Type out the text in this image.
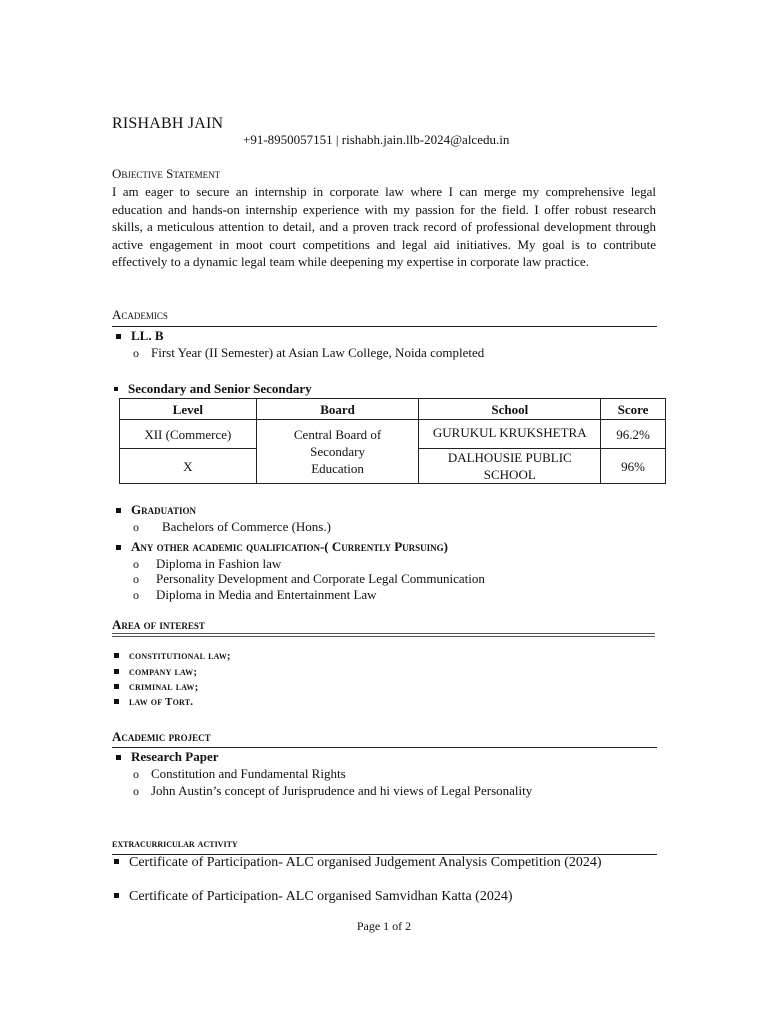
RISHABH JAIN
+91-8950057151 | rishabh.jain.llb-2024@alcedu.in
Objective Statement
I am eager to secure an internship in corporate law where I can merge my comprehensive legal education and hands-on internship experience with my passion for the field. I offer robust research skills, a meticulous attention to detail, and a proven track record of professional development through active engagement in moot court competitions and legal aid initiatives. My goal is to contribute effectively to a dynamic legal team while deepening my expertise in corporate law practice.
Academics
LL. B
o First Year (II Semester) at Asian Law College, Noida completed
Secondary and Senior Secondary
Level	Board	School	Score
XII (Commerce)	Central Board of Secondary Education	GURUKUL KRUKSHETRA	96.2%
X		DALHOUSIE PUBLIC SCHOOL	96%
Graduation
o Bachelors of Commerce (Hons.)
Any other academic qualification-( Currently Pursuing)
o Diploma in Fashion law
o Personality Development and Corporate Legal Communication
o Diploma in Media and Entertainment Law
Area of interest
constitutional law;
company law;
criminal law;
law of Tort.
Academic project
Research Paper
o Constitution and Fundamental Rights
o John Austin’s concept of Jurisprudence and hi views of Legal Personality
extracurricular activity
Certificate of Participation- ALC organised Judgement Analysis Competition (2024)
Certificate of Participation- ALC organised Samvidhan Katta (2024)
Page 1 of 2
